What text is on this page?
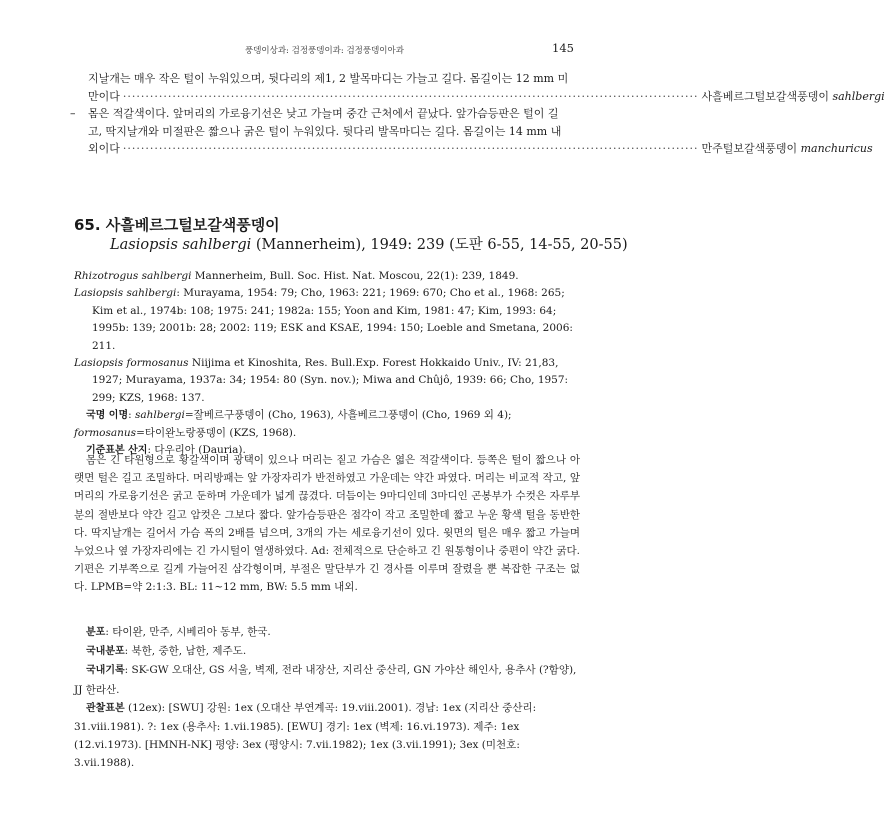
풍뎅이상과: 검정풍뎅이과: 검정풍뎅이아과	145
지날개는 매우 작은 털이 누워있으며, 뒷다리의 제1, 2 발목마디는 가늘고 길다. 몸길이는 12 mm 미
만이다 ································································································································ 사흘베르그털보갈색풍뎅이 sahlbergi
– 몸은 적갈색이다. 앞머리의 가로융기선은 낮고 가늘며 중간 근처에서 끝났다. 앞가슴등판은 털이 길
고, 딱지날개와 미절판은 짧으나 굵은 털이 누워있다. 뒷다리 발목마디는 길다. 몸길이는 14 mm 내
외이다 ································································································································ 만주털보갈색풍뎅이 manchuricus
65. 사흘베르그털보갈색풍뎅이
Lasiopsis sahlbergi (Mannerheim), 1949: 239 (도판 6-55, 14-55, 20-55)

Rhizotrogus sahlbergi Mannerheim, Bull. Soc. Hist. Nat. Moscou, 22(1): 239, 1849.

Lasiopsis sahlbergi: Murayama, 1954: 79; Cho, 1963: 221; 1969: 670; Cho et al., 1968: 265; Kim et al., 1974b: 108; 1975: 241; 1982a: 155; Yoon and Kim, 1981: 47; Kim, 1993: 64; 1995b: 139; 2001b: 28; 2002: 119; ESK and KSAE, 1994: 150; Loeble and Smetana, 2006: 211.

Lasiopsis formosanus Niijima et Kinoshita, Res. Bull.Exp. Forest Hokkaido Univ., IV: 21,83, 1927; Murayama, 1937a: 34; 1954: 80 (Syn. nov.); Miwa and Chûjô, 1939: 66; Cho, 1957: 299; KZS, 1968: 137.

국명 이명: sahlbergi=잘베르구풍뎅이 (Cho, 1963), 사흘베르그풍뎅이 (Cho, 1969 외 4); formosanus=타이완노랑풍뎅이 (KZS, 1968).

기준표본 산지: 다우리아 (Dauria).

몸은 긴 타원형으로 황갈색이며 광택이 있으나 머리는 짙고 가슴은 엷은 적갈색이다. 등쪽은 털이 짧으나 아랫면 털은 길고 조밀하다. 머리방패는 앞 가장자리가 반전하였고 가운데는 약간 파였다. 머리는 비교적 작고, 앞머리의 가로융기선은 굵고 둔하며 가운데가 넓게 끊겼다. 더듬이는 9마디인데 3마디인 곤봉부가 수컷은 자루부분의 절반보다 약간 길고 암컷은 그보다 짧다. 앞가슴등판은 점각이 작고 조밀한데 짧고 누운 황색 털을 동반한다. 딱지날개는 길어서 가슴 폭의 2배를 넘으며, 3개의 가는 세로융기선이 있다. 윗면의 털은 매우 짧고 가늘며 누었으나 옆 가장자리에는 긴 가시털이 열생하였다. Ad: 전체적으로 단순하고 긴 원통형이나 중편이 약간 굵다. 기편은 기부쪽으로 길게 가늘어진 삼각형이며, 부절은 말단부가 긴 경사를 이루며 잘렸을 뿐 복잡한 구조는 없다. LPMB=약 2:1:3. BL: 11~12 mm, BW: 5.5 mm 내외.

분포: 타이완, 만주, 시베리아 동부, 한국.

국내분포: 북한, 중한, 남한, 제주도.

국내기록: SK-GW 오대산, GS 서울, 벽제, 전라 내장산, 지리산 중산리, GN 가야산 해인사, 용추사 (?함양), JJ 한라산.

관찰표본 (12ex): [SWU] 강원: 1ex (오대산 부연계곡: 19.viii.2001). 경남: 1ex (지리산 중산리: 31.viii.1981). ?: 1ex (용추사: 1.vii.1985). [EWU] 경기: 1ex (벽제: 16.vi.1973). 제주: 1ex (12.vi.1973). [HMNH-NK] 평양: 3ex (평양시: 7.vii.1982); 1ex (3.vii.1991); 3ex (미천호: 3.vii.1988).
